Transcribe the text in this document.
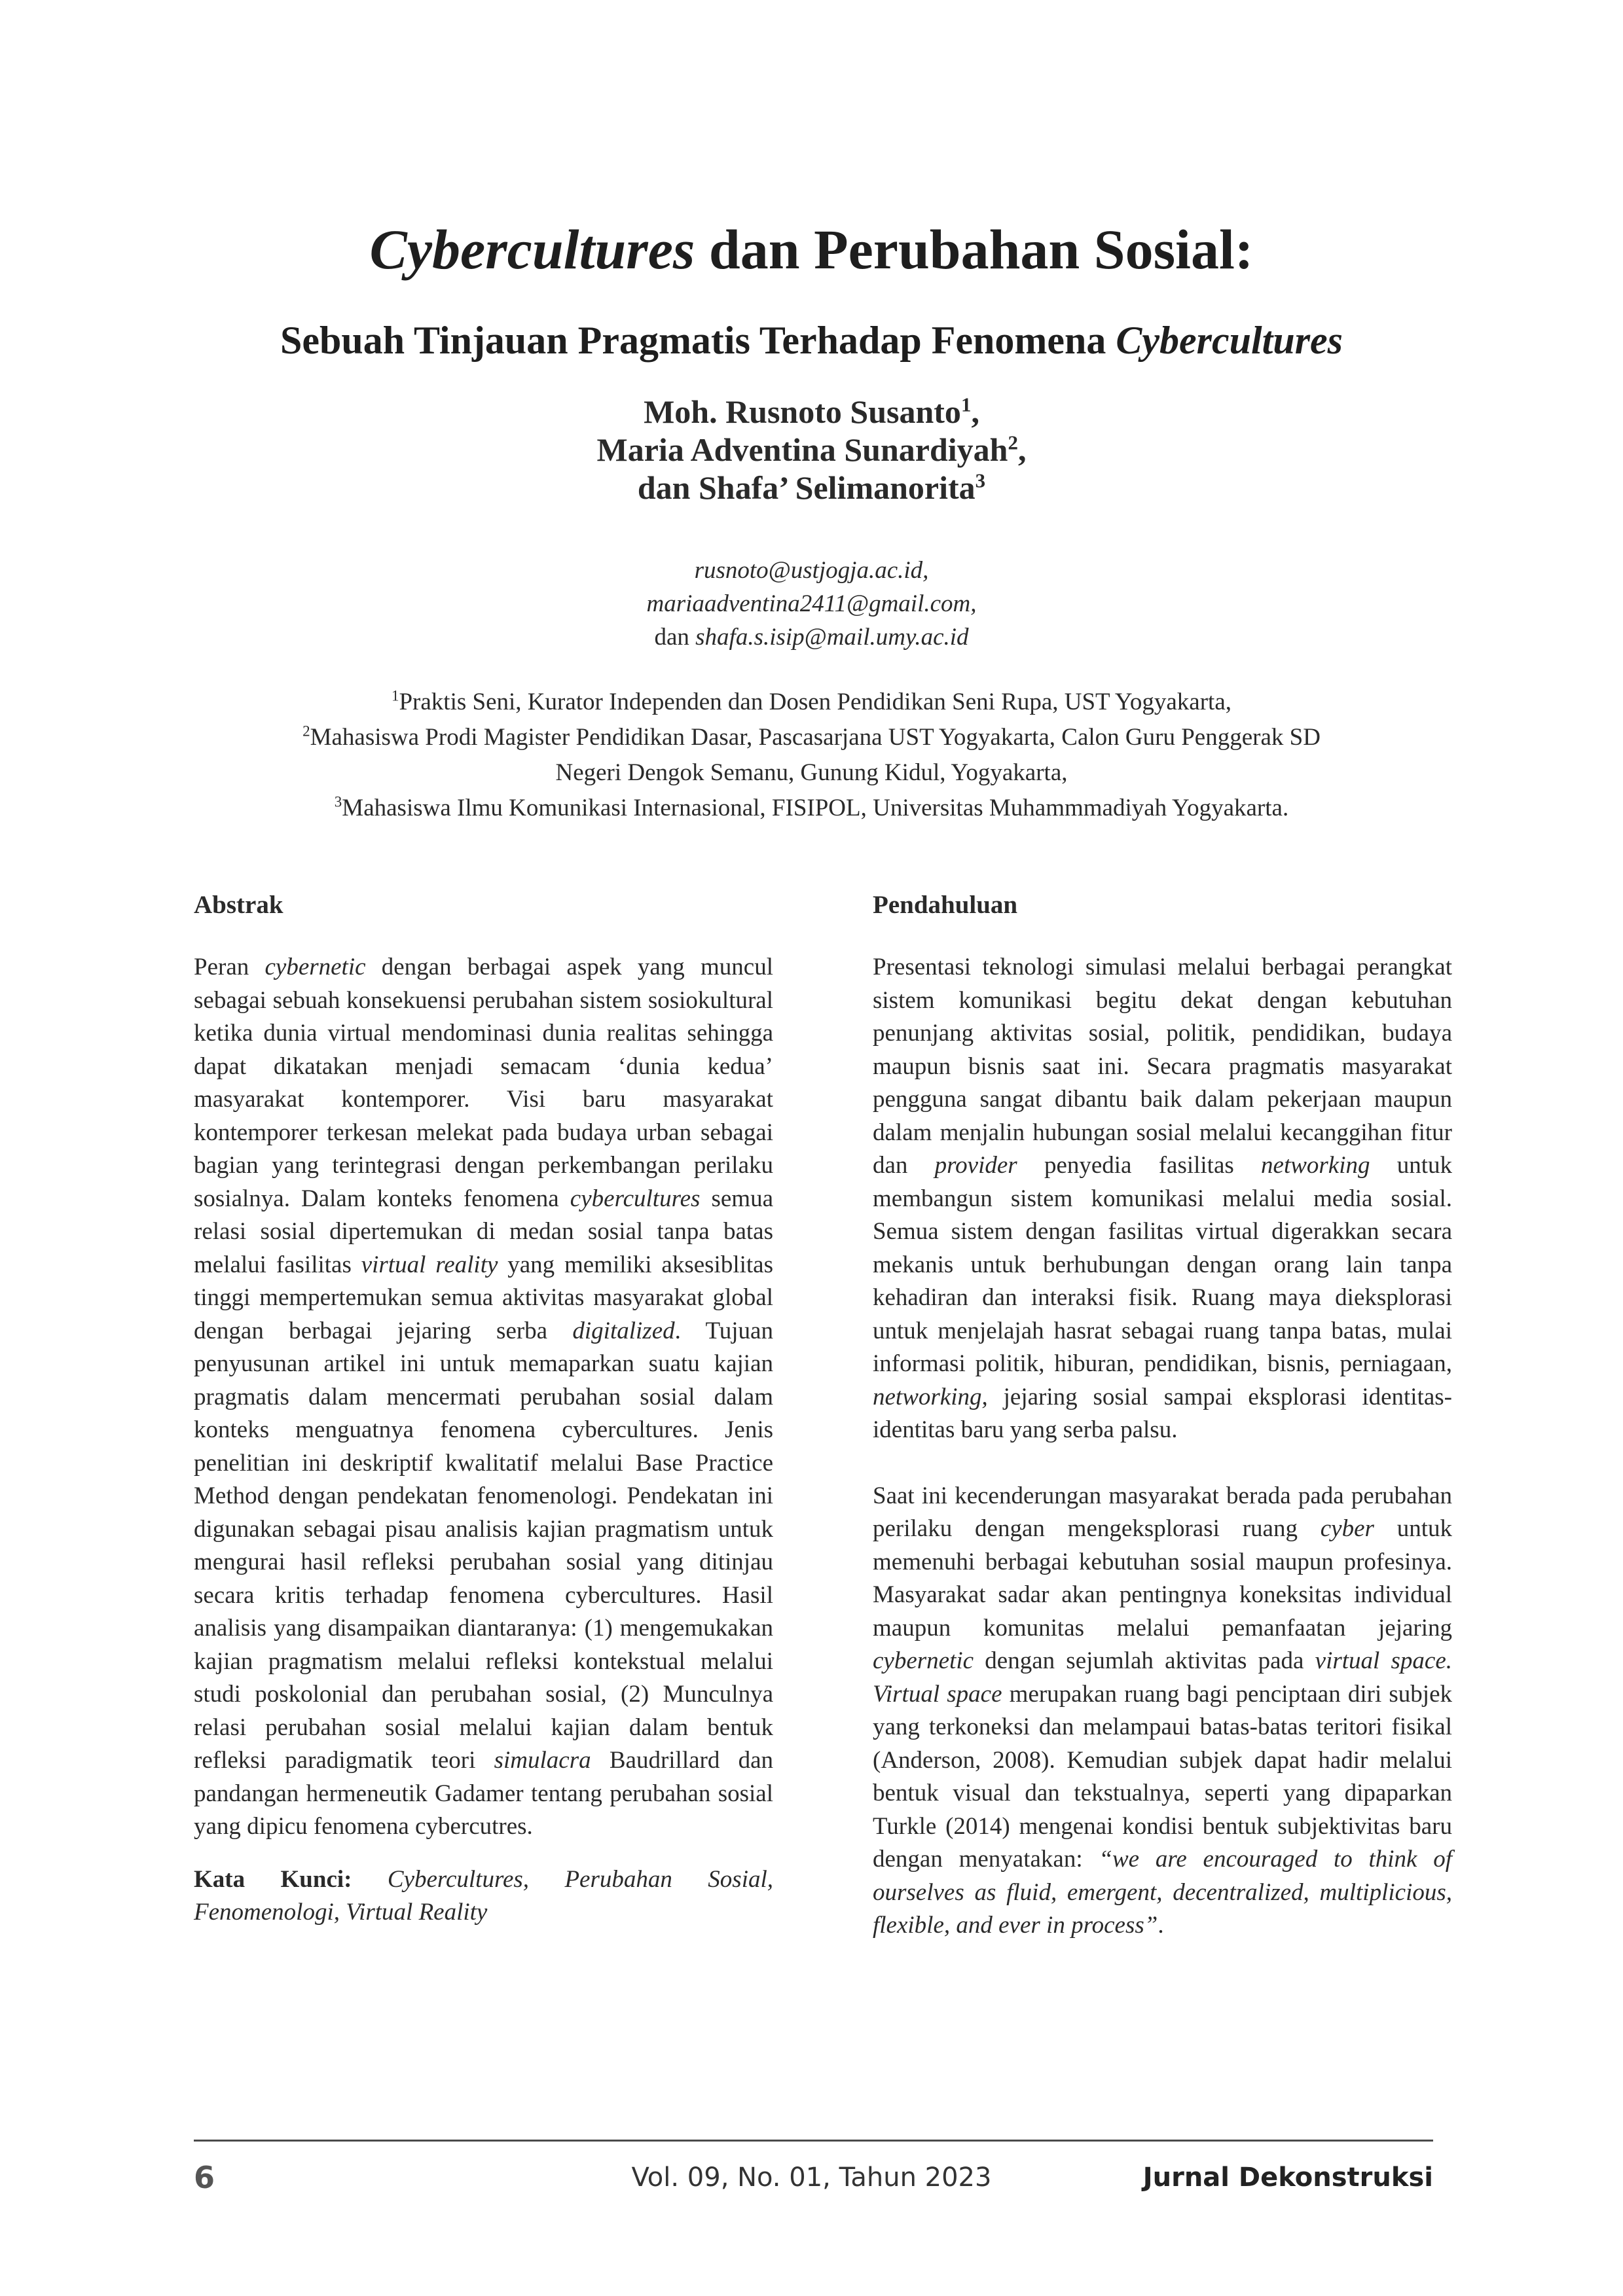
Cybercultures dan Perubahan Sosial:
Sebuah Tinjauan Pragmatis Terhadap Fenomena Cybercultures
Moh. Rusnoto Susanto$^1$,
Maria Adventina Sunardiyah$^2$,
dan Shafa’ Selimanorita$^3$
rusnoto@ustjogja.ac.id,
mariaadventina2411@gmail.com,
dan shafa.s.isip@mail.umy.ac.id
$^1$Praktis Seni, Kurator Independen dan Dosen Pendidikan Seni Rupa, UST Yogyakarta,
$^2$Mahasiswa Prodi Magister Pendidikan Dasar, Pascasarjana UST Yogyakarta, Calon Guru Penggerak SD
Negeri Dengok Semanu, Gunung Kidul, Yogyakarta,
$^3$Mahasiswa Ilmu Komunikasi Internasional, FISIPOL, Universitas Muhammmadiyah Yogyakarta.
Abstrak	Pendahuluan

Peran cybernetic dengan berbagai aspek yang muncul sebagai sebuah konsekuensi perubahan sistem sosiokultural ketika dunia virtual mendominasi dunia realitas sehingga dapat dikatakan menjadi semacam ‘dunia kedua’ masyarakat kontemporer. Visi baru masyarakat kontemporer terkesan melekat pada budaya urban sebagai bagian yang terintegrasi dengan perkembangan perilaku sosialnya. Dalam konteks fenomena cybercultures semua relasi sosial dipertemukan di medan sosial tanpa batas melalui fasilitas virtual reality yang memiliki aksesiblitas tinggi mempertemukan semua aktivitas masyarakat global dengan berbagai jejaring serba digitalized. Tujuan penyusunan artikel ini untuk memaparkan suatu kajian pragmatis dalam mencermati perubahan sosial dalam konteks menguatnya fenomena cybercultures. Jenis penelitian ini deskriptif kwalitatif melalui Base Practice Method dengan pendekatan fenomenologi. Pendekatan ini digunakan sebagai pisau analisis kajian pragmatism untuk mengurai hasil refleksi perubahan sosial yang ditinjau secara kritis terhadap fenomena cybercultures. Hasil analisis yang disampaikan diantaranya: (1) mengemukakan kajian pragmatism melalui refleksi kontekstual melalui studi poskolonial dan perubahan sosial, (2) Munculnya relasi perubahan sosial melalui kajian dalam bentuk refleksi paradigmatik teori simulacra Baudrillard dan pandangan hermeneutik Gadamer tentang perubahan sosial yang dipicu fenomena cybercutres.

Kata Kunci: Cybercultures, Perubahan Sosial, Fenomenologi, Virtual Reality

Presentasi teknologi simulasi melalui berbagai perangkat sistem komunikasi begitu dekat dengan kebutuhan penunjang aktivitas sosial, politik, pendidikan, budaya maupun bisnis saat ini. Secara pragmatis masyarakat pengguna sangat dibantu baik dalam pekerjaan maupun dalam menjalin hubungan sosial melalui kecanggihan fitur dan provider penyedia fasilitas networking untuk membangun sistem komunikasi melalui media sosial. Semua sistem dengan fasilitas virtual digerakkan secara mekanis untuk berhubungan dengan orang lain tanpa kehadiran dan interaksi fisik. Ruang maya dieksplorasi untuk menjelajah hasrat sebagai ruang tanpa batas, mulai informasi politik, hiburan, pendidikan, bisnis, perniagaan, networking, jejaring sosial sampai eksplorasi identitas-identitas baru yang serba palsu.

Saat ini kecenderungan masyarakat berada pada perubahan perilaku dengan mengeksplorasi ruang cyber untuk memenuhi berbagai kebutuhan sosial maupun profesinya. Masyarakat sadar akan pentingnya koneksitas individual maupun komunitas melalui pemanfaatan jejaring cybernetic dengan sejumlah aktivitas pada virtual space. Virtual space merupakan ruang bagi penciptaan diri subjek yang terkoneksi dan melampaui batas-batas teritori fisikal (Anderson, 2008). Kemudian subjek dapat hadir melalui bentuk visual dan tekstualnya, seperti yang dipaparkan Turkle (2014) mengenai kondisi bentuk subjektivitas baru dengan menyatakan: “we are encouraged to think of ourselves as fluid, emergent, decentralized, multiplicious, flexible, and ever in process”.

6	Vol. 09, No. 01, Tahun 2023	Jurnal Dekonstruksi
